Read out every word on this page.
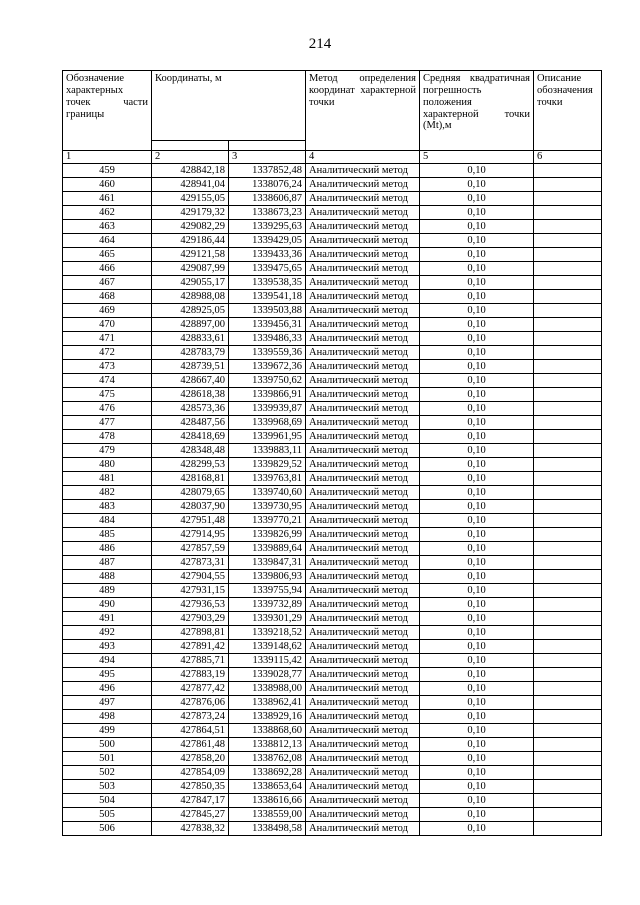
214
Обозначение характерных точек части границы	Координаты, м		Метод определения координат характерной точки	Средняя квадратичная погрешность положения характерной точки (Mt),м	Описание обозначения точки

1	2	3	4	5	6
459	428842,18	1337852,48	Аналитический метод	0,10	
460	428941,04	1338076,24	Аналитический метод	0,10	
461	429155,05	1338606,87	Аналитический метод	0,10	
462	429179,32	1338673,23	Аналитический метод	0,10	
463	429082,29	1339295,63	Аналитический метод	0,10	
464	429186,44	1339429,05	Аналитический метод	0,10	
465	429121,58	1339433,36	Аналитический метод	0,10	
466	429087,99	1339475,65	Аналитический метод	0,10	
467	429055,17	1339538,35	Аналитический метод	0,10	
468	428988,08	1339541,18	Аналитический метод	0,10	
469	428925,05	1339503,88	Аналитический метод	0,10	
470	428897,00	1339456,31	Аналитический метод	0,10	
471	428833,61	1339486,33	Аналитический метод	0,10	
472	428783,79	1339559,36	Аналитический метод	0,10	
473	428739,51	1339672,36	Аналитический метод	0,10	
474	428667,40	1339750,62	Аналитический метод	0,10	
475	428618,38	1339866,91	Аналитический метод	0,10	
476	428573,36	1339939,87	Аналитический метод	0,10	
477	428487,56	1339968,69	Аналитический метод	0,10	
478	428418,69	1339961,95	Аналитический метод	0,10	
479	428348,48	1339883,11	Аналитический метод	0,10	
480	428299,53	1339829,52	Аналитический метод	0,10	
481	428168,81	1339763,81	Аналитический метод	0,10	
482	428079,65	1339740,60	Аналитический метод	0,10	
483	428037,90	1339730,95	Аналитический метод	0,10	
484	427951,48	1339770,21	Аналитический метод	0,10	
485	427914,95	1339826,99	Аналитический метод	0,10	
486	427857,59	1339889,64	Аналитический метод	0,10	
487	427873,31	1339847,31	Аналитический метод	0,10	
488	427904,55	1339806,93	Аналитический метод	0,10	
489	427931,15	1339755,94	Аналитический метод	0,10	
490	427936,53	1339732,89	Аналитический метод	0,10	
491	427903,29	1339301,29	Аналитический метод	0,10	
492	427898,81	1339218,52	Аналитический метод	0,10	
493	427891,42	1339148,62	Аналитический метод	0,10	
494	427885,71	1339115,42	Аналитический метод	0,10	
495	427883,19	1339028,77	Аналитический метод	0,10	
496	427877,42	1338988,00	Аналитический метод	0,10	
497	427876,06	1338962,41	Аналитический метод	0,10	
498	427873,24	1338929,16	Аналитический метод	0,10	
499	427864,51	1338868,60	Аналитический метод	0,10	
500	427861,48	1338812,13	Аналитический метод	0,10	
501	427858,20	1338762,08	Аналитический метод	0,10	
502	427854,09	1338692,28	Аналитический метод	0,10	
503	427850,35	1338653,64	Аналитический метод	0,10	
504	427847,17	1338616,66	Аналитический метод	0,10	
505	427845,27	1338559,00	Аналитический метод	0,10	
506	427838,32	1338498,58	Аналитический метод	0,10	
